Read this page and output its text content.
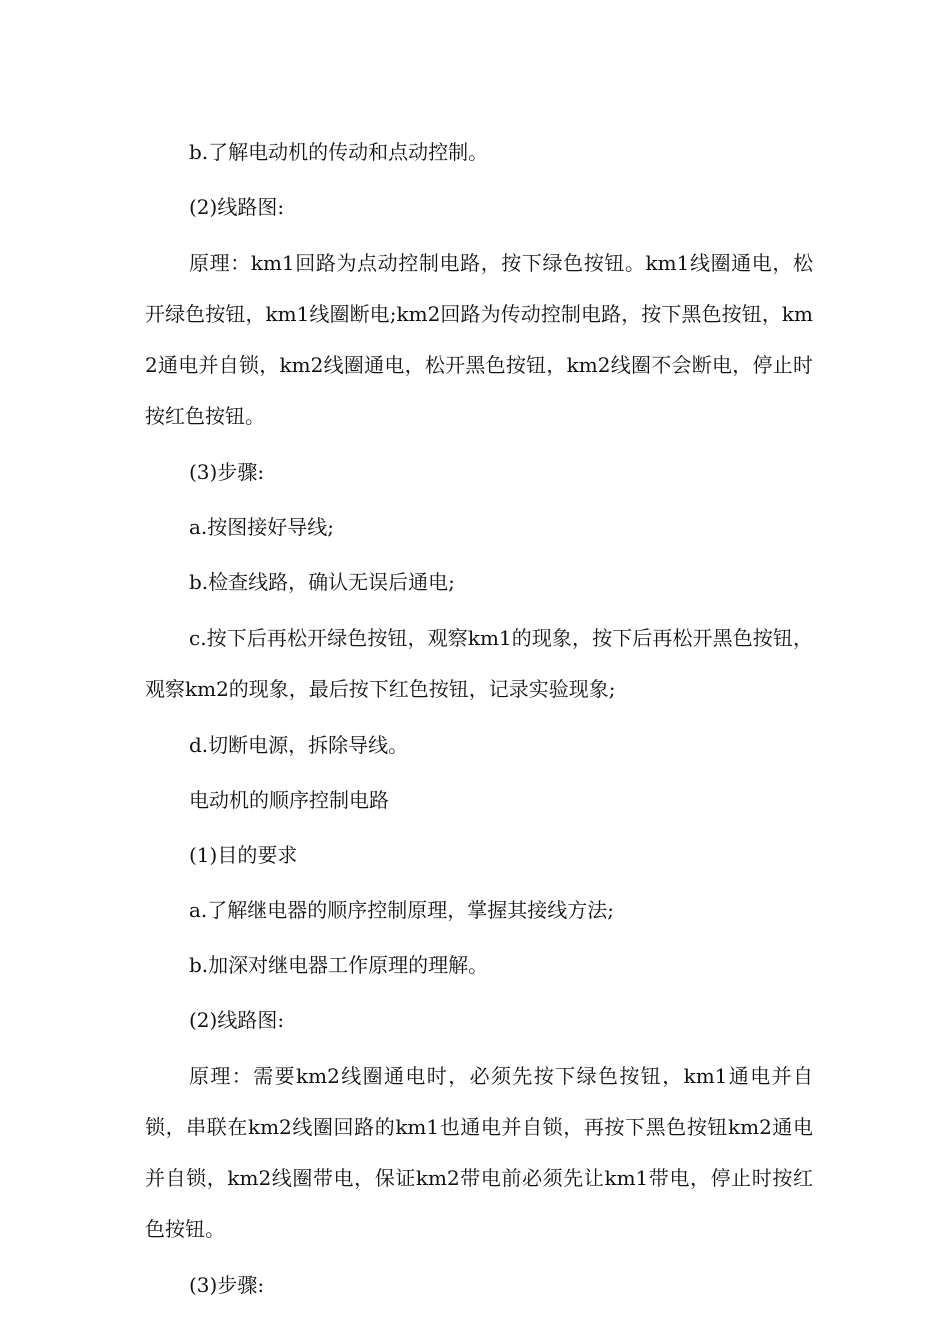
b.了解电动机的传动和点动控制。

(2)线路图:

原理：km1回路为点动控制电路，按下绿色按钮。km1线圈通电，松开绿色按钮，km1线圈断电;km2回路为传动控制电路，按下黑色按钮，km2通电并自锁，km2线圈通电，松开黑色按钮，km2线圈不会断电，停止时按红色按钮。

(3)步骤:

a.按图接好导线;

b.检查线路，确认无误后通电;

c.按下后再松开绿色按钮，观察km1的现象，按下后再松开黑色按钮，观察km2的现象，最后按下红色按钮，记录实验现象;

d.切断电源，拆除导线。

电动机的顺序控制电路

(1)目的要求

a.了解继电器的顺序控制原理，掌握其接线方法;

b.加深对继电器工作原理的理解。

(2)线路图:

原理：需要km2线圈通电时，必须先按下绿色按钮，km1通电并自锁，串联在km2线圈回路的km1也通电并自锁，再按下黑色按钮km2通电并自锁，km2线圈带电，保证km2带电前必须先让km1带电，停止时按红色按钮。

(3)步骤:
